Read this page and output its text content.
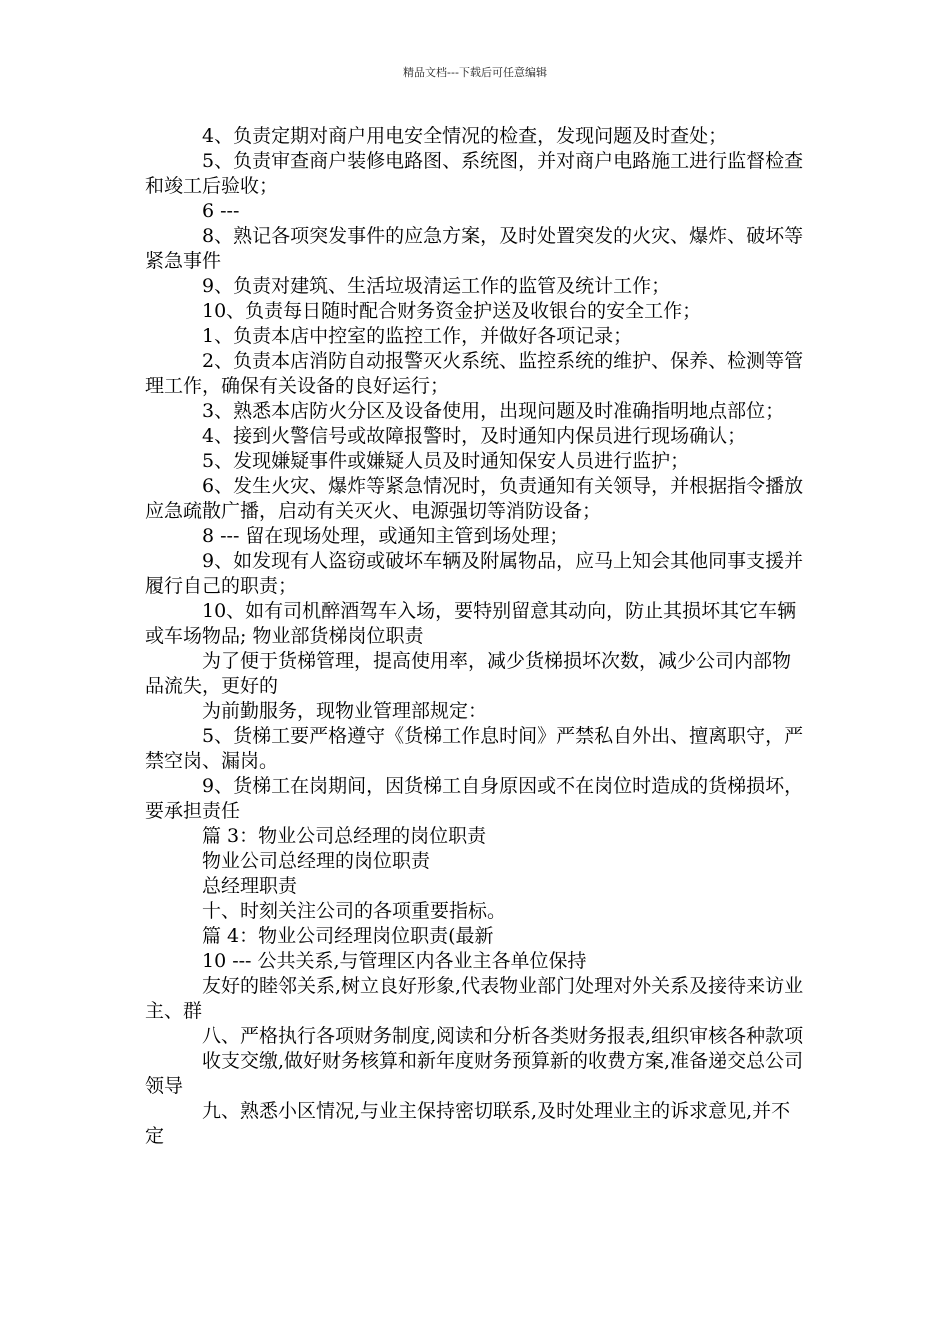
精品文档---下载后可任意编辑

4、负责定期对商户用电安全情况的检查，发现问题及时查处；

5、负责审查商户装修电路图、系统图，并对商户电路施工进行监督检查和竣工后验收；

6 ---

8、熟记各项突发事件的应急方案，及时处置突发的火灾、爆炸、破坏等紧急事件

9、负责对建筑、生活垃圾清运工作的监管及统计工作；

10、负责每日随时配合财务资金护送及收银台的安全工作；

1、负责本店中控室的监控工作，并做好各项记录；

2、负责本店消防自动报警灭火系统、监控系统的维护、保养、检测等管理工作，确保有关设备的良好运行；

3、熟悉本店防火分区及设备使用，出现问题及时准确指明地点部位；

4、接到火警信号或故障报警时，及时通知内保员进行现场确认；

5、发现嫌疑事件或嫌疑人员及时通知保安人员进行监护；

6、发生火灾、爆炸等紧急情况时，负责通知有关领导，并根据指令播放应急疏散广播，启动有关灭火、电源强切等消防设备；

8 --- 留在现场处理，或通知主管到场处理；

9、如发现有人盗窃或破坏车辆及附属物品，应马上知会其他同事支援并履行自己的职责；

10、如有司机醉酒驾车入场，要特别留意其动向，防止其损坏其它车辆或车场物品; 物业部货梯岗位职责

为了便于货梯管理，提高使用率，减少货梯损坏次数，减少公司内部物品流失，更好的

为前勤服务，现物业管理部规定：

5、货梯工要严格遵守《货梯工作息时间》严禁私自外出、擅离职守，严禁空岗、漏岗。

9、货梯工在岗期间，因货梯工自身原因或不在岗位时造成的货梯损坏，要承担责任

篇 3：物业公司总经理的岗位职责

物业公司总经理的岗位职责

总经理职责

十、时刻关注公司的各项重要指标。

篇 4：物业公司经理岗位职责(最新

10 --- 公共关系,与管理区内各业主各单位保持

友好的睦邻关系,树立良好形象,代表物业部门处理对外关系及接待来访业主、群

八、严格执行各项财务制度,阅读和分析各类财务报表,组织审核各种款项

收支交缴,做好财务核算和新年度财务预算新的收费方案,准备递交总公司领导

九、熟悉小区情况,与业主保持密切联系,及时处理业主的诉求意见,并不定
